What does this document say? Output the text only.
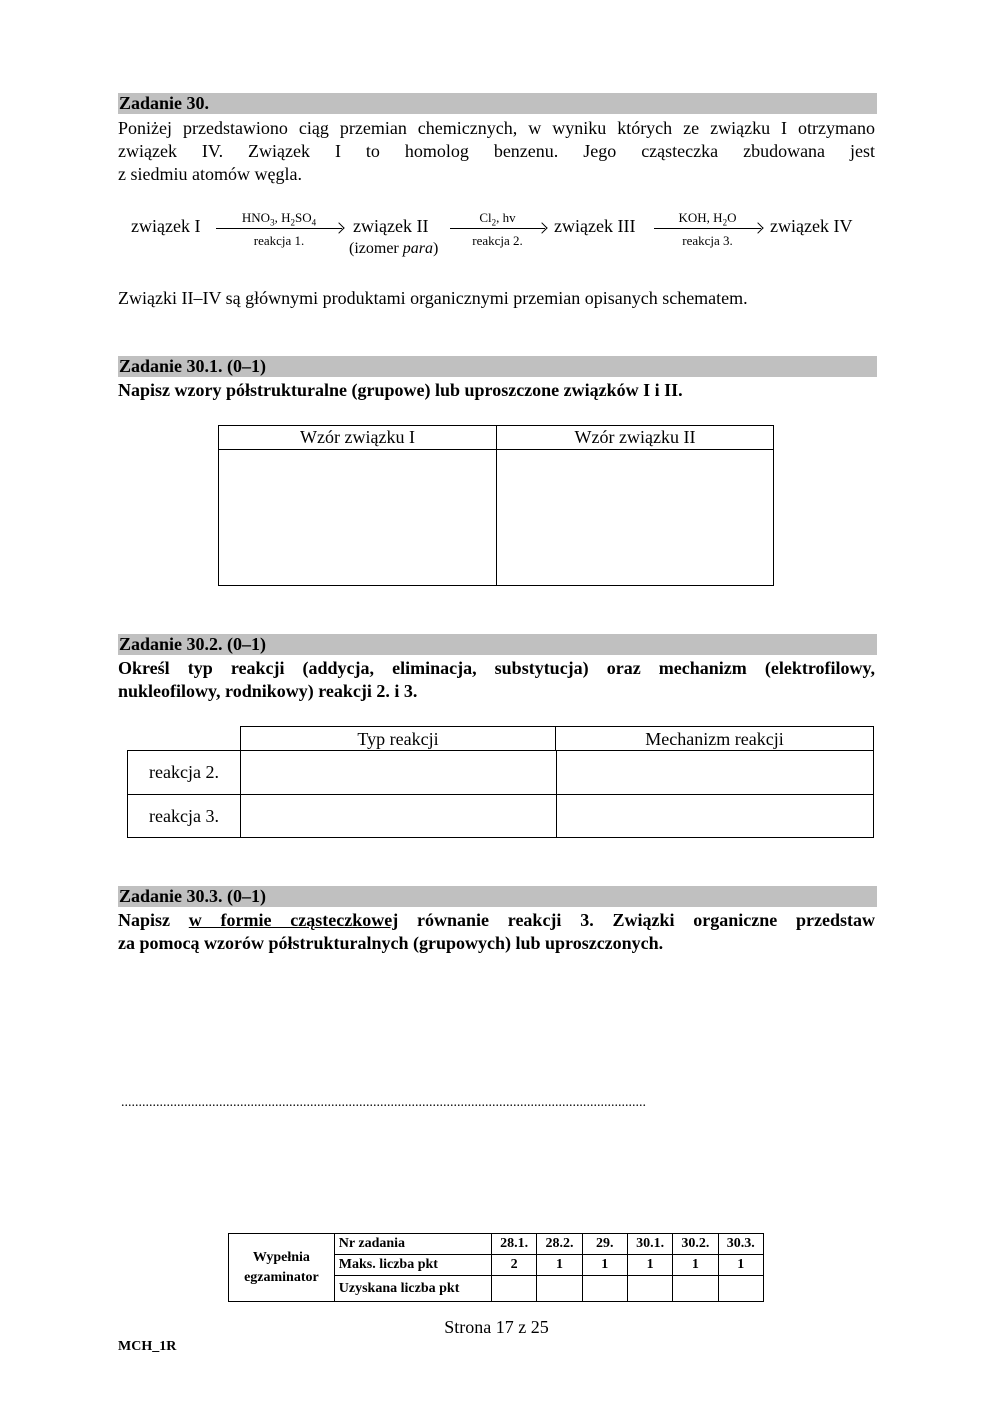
Zadanie 30.
Poniżej przedstawiono ciąg przemian chemicznych, w wyniku których ze związku I otrzymano
związek IV. Związek I to homolog benzenu. Jego cząsteczka zbudowana jest
z siedmiu atomów węgla.
związek I	$HNO_3$, $H_2SO_4$
reakcja 1.
związek II
(izomer para)
$Cl_2$, hv
reakcja 2.
związek III	KOH, $H_2O$
reakcja 3.
związek IV
Związki II–IV są głównymi produktami organicznymi przemian opisanych schematem.
Zadanie 30.1. (0–1)
Napisz wzory półstrukturalne (grupowe) lub uproszczone związków I i II.
Wzór związku I	Wzór związku II

Zadanie 30.2. (0–1)
Określ typ reakcji (addycja, eliminacja, substytucja) oraz mechanizm (elektrofilowy,
nukleofilowy, rodnikowy) reakcji 2. i 3.
Typ reakcji	Mechanizm reakcji
reakcja 2.		
reakcja 3.		
Zadanie 30.3. (0–1)
Napisz w formie cząsteczkowej równanie reakcji 3. Związki organiczne przedstaw
za pomocą wzorów półstrukturalnych (grupowych) lub uproszczonych.
......................................................................................................................................................
Wypełnia
egzaminator	Nr zadania	28.1.	28.2.	29.	30.1.	30.2.	30.3.
	Maks. liczba pkt	2	1	1	1	1	1
	Uzyskana liczba pkt						
Strona 17 z 25
MCH_1R
